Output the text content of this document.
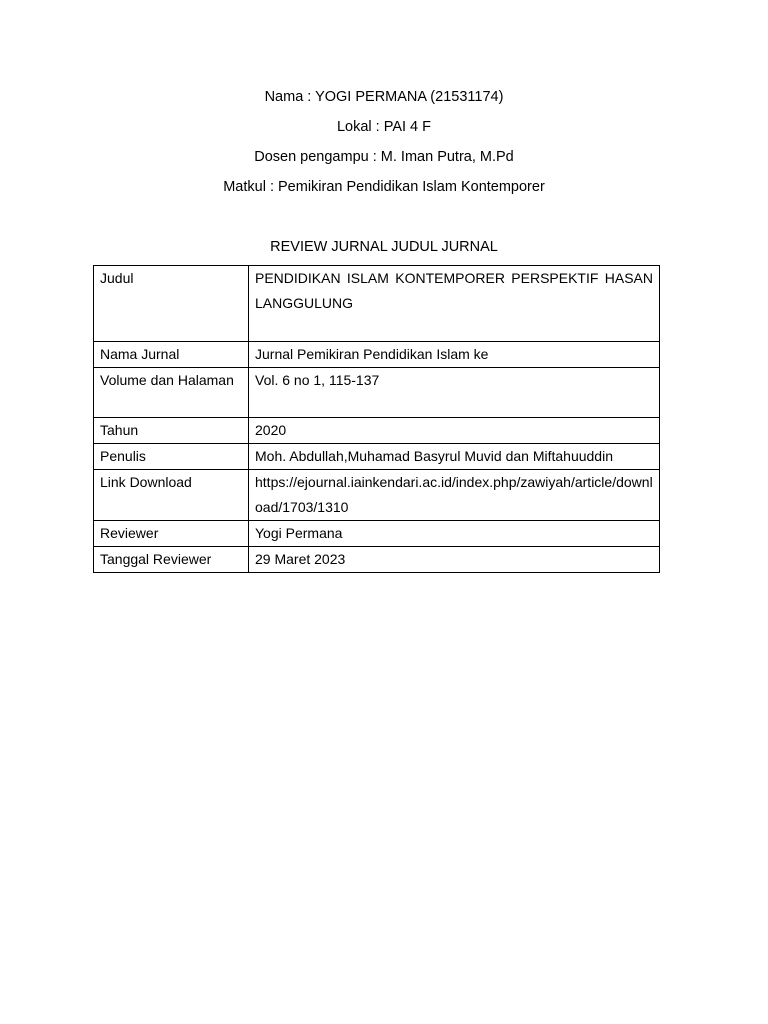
Nama : YOGI PERMANA (21531174)
Lokal : PAI 4 F
Dosen pengampu : M. Iman Putra, M.Pd
Matkul : Pemikiran Pendidikan Islam Kontemporer
REVIEW JURNAL JUDUL JURNAL
Judul	PENDIDIKAN ISLAM KONTEMPORER PERSPEKTIF HASAN LANGGULUNG
Nama Jurnal	Jurnal Pemikiran Pendidikan Islam ke
Volume dan Halaman	Vol. 6 no 1, 115-137
Tahun	2020
Penulis	Moh. Abdullah,Muhamad Basyrul Muvid dan Miftahuuddin
Link Download	https://ejournal.iainkendari.ac.id/index.php/zawiyah/article/download/1703/1310
Reviewer	Yogi Permana
Tanggal Reviewer	29 Maret 2023
